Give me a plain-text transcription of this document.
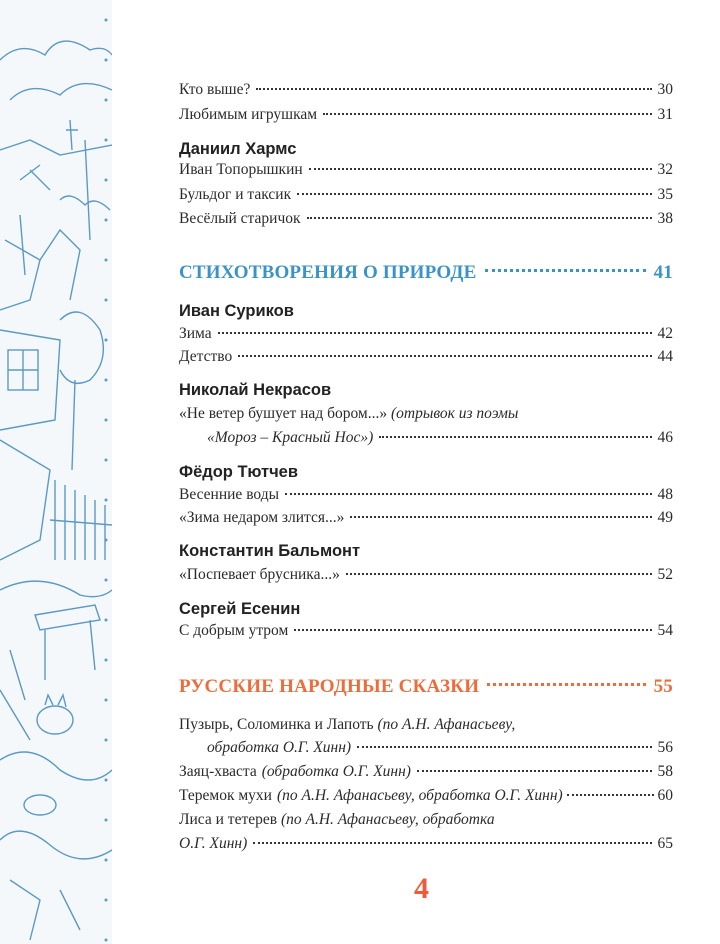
Кто выше?	30
Любимым игрушкам	31
Даниил Хармс
Иван Топорышкин	32
Бульдог и таксик	35
Весёлый старичок	38
СТИХОТВОРЕНИЯ О ПРИРОДЕ	41
Иван Суриков
Зима	42
Детство	44
Николай Некрасов
«Не ветер бушует над бором...» (отрывок из поэмы
«Мороз – Красный Нос»)	46
Фёдор Тютчев
Весенние воды	48
«Зима недаром злится...»	49
Константин Бальмонт
«Поспевает брусника...»	52
Сергей Есенин
С добрым утром	54
РУССКИЕ НАРОДНЫЕ СКАЗКИ	55
Пузырь, Соломинка и Лапоть (по А.Н. Афанасьеву,
обработка О.Г. Хинн)	56
Заяц-хваста (обработка О.Г. Хинн)	58
Теремок мухи (по А.Н. Афанасьеву, обработка О.Г. Хинн)	60
Лиса и тетерев (по А.Н. Афанасьеву, обработка
О.Г. Хинн)	65
4
